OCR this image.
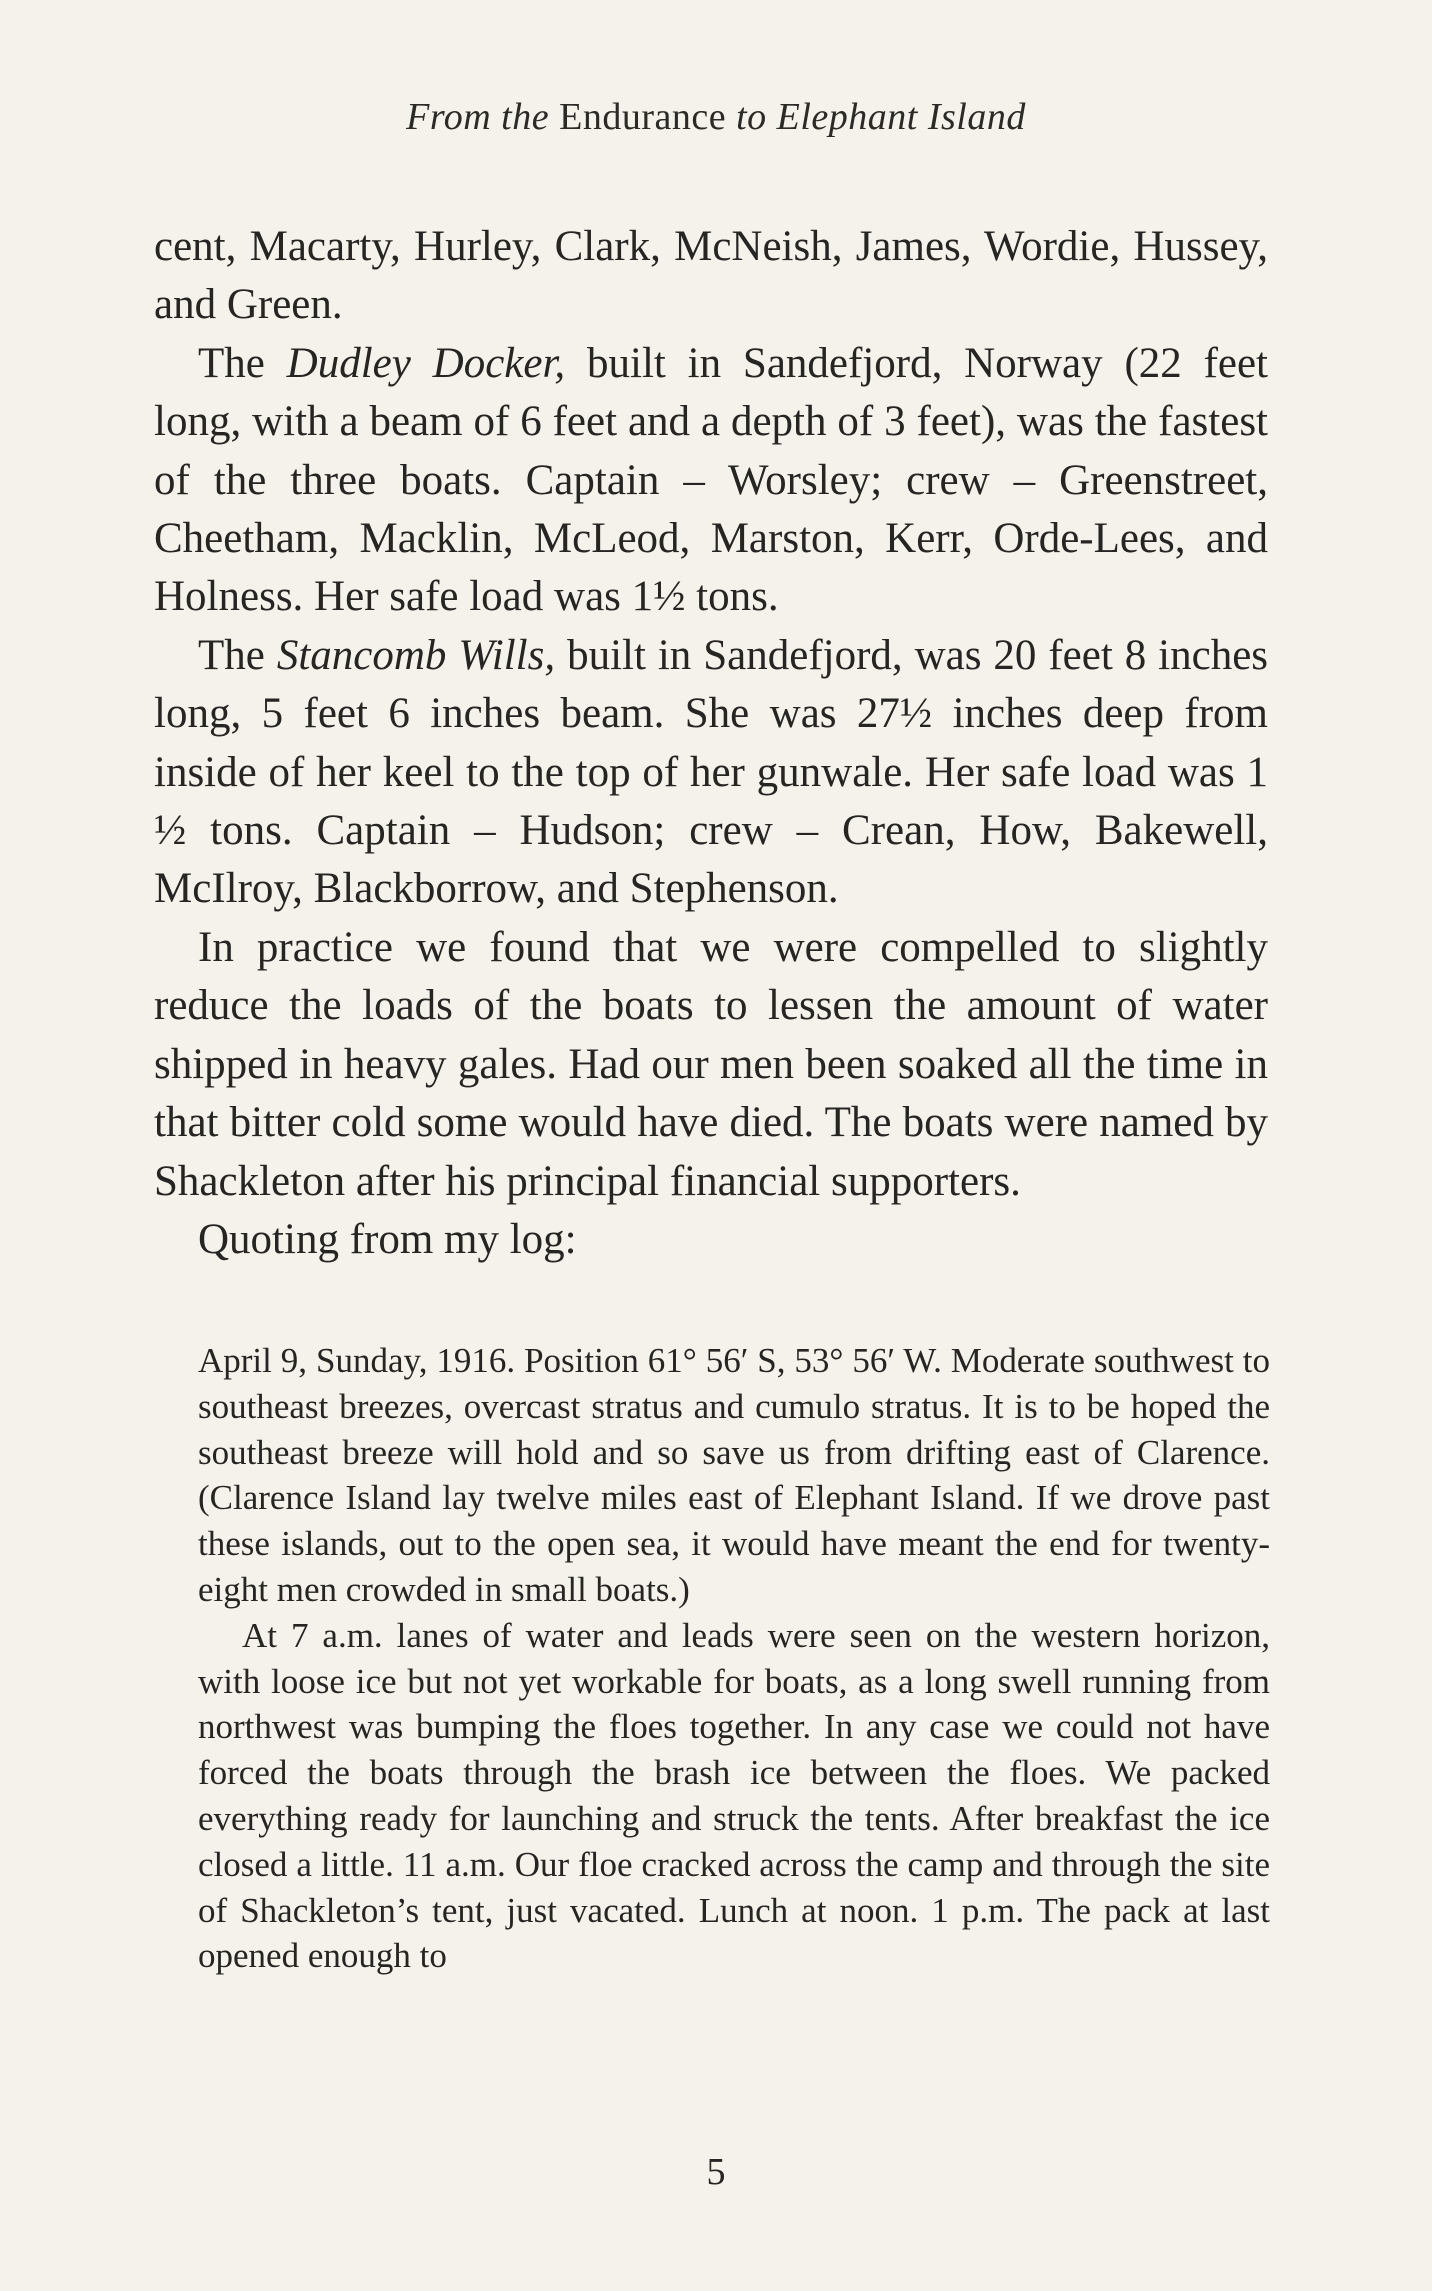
From the Endurance to Elephant Island

cent, Macarty, Hurley, Clark, McNeish, James, Wordie, Hussey, and Green.

The Dudley Docker, built in Sandefjord, Norway (22 feet long, with a beam of 6 feet and a depth of 3 feet), was the fastest of the three boats. Captain – Worsley; crew – Greenstreet, Cheetham, Macklin, McLeod, Marston, Kerr, Orde-Lees, and Holness. Her safe load was 1½ tons.

The Stancomb Wills, built in Sandefjord, was 20 feet 8 inches long, 5 feet 6 inches beam. She was 27½ inches deep from inside of her keel to the top of her gunwale. Her safe load was 1 ½ tons. Captain – Hudson; crew – Crean, How, Bakewell, McIlroy, Blackborrow, and Stephenson.

In practice we found that we were compelled to slightly reduce the loads of the boats to lessen the amount of water shipped in heavy gales. Had our men been soaked all the time in that bitter cold some would have died. The boats were named by Shackleton after his principal financial supporters.

Quoting from my log:

April 9, Sunday, 1916. Position 61° 56′ S, 53° 56′ W. Moderate southwest to southeast breezes, overcast stratus and cumulo stratus. It is to be hoped the southeast breeze will hold and so save us from drifting east of Clarence. (Clarence Island lay twelve miles east of Elephant Island. If we drove past these islands, out to the open sea, it would have meant the end for twenty-eight men crowded in small boats.)

At 7 a.m. lanes of water and leads were seen on the western horizon, with loose ice but not yet workable for boats, as a long swell running from northwest was bumping the floes together. In any case we could not have forced the boats through the brash ice between the floes. We packed everything ready for launching and struck the tents. After breakfast the ice closed a little. 11 a.m. Our floe cracked across the camp and through the site of Shackleton’s tent, just vacated. Lunch at noon. 1 p.m. The pack at last opened enough to

5
